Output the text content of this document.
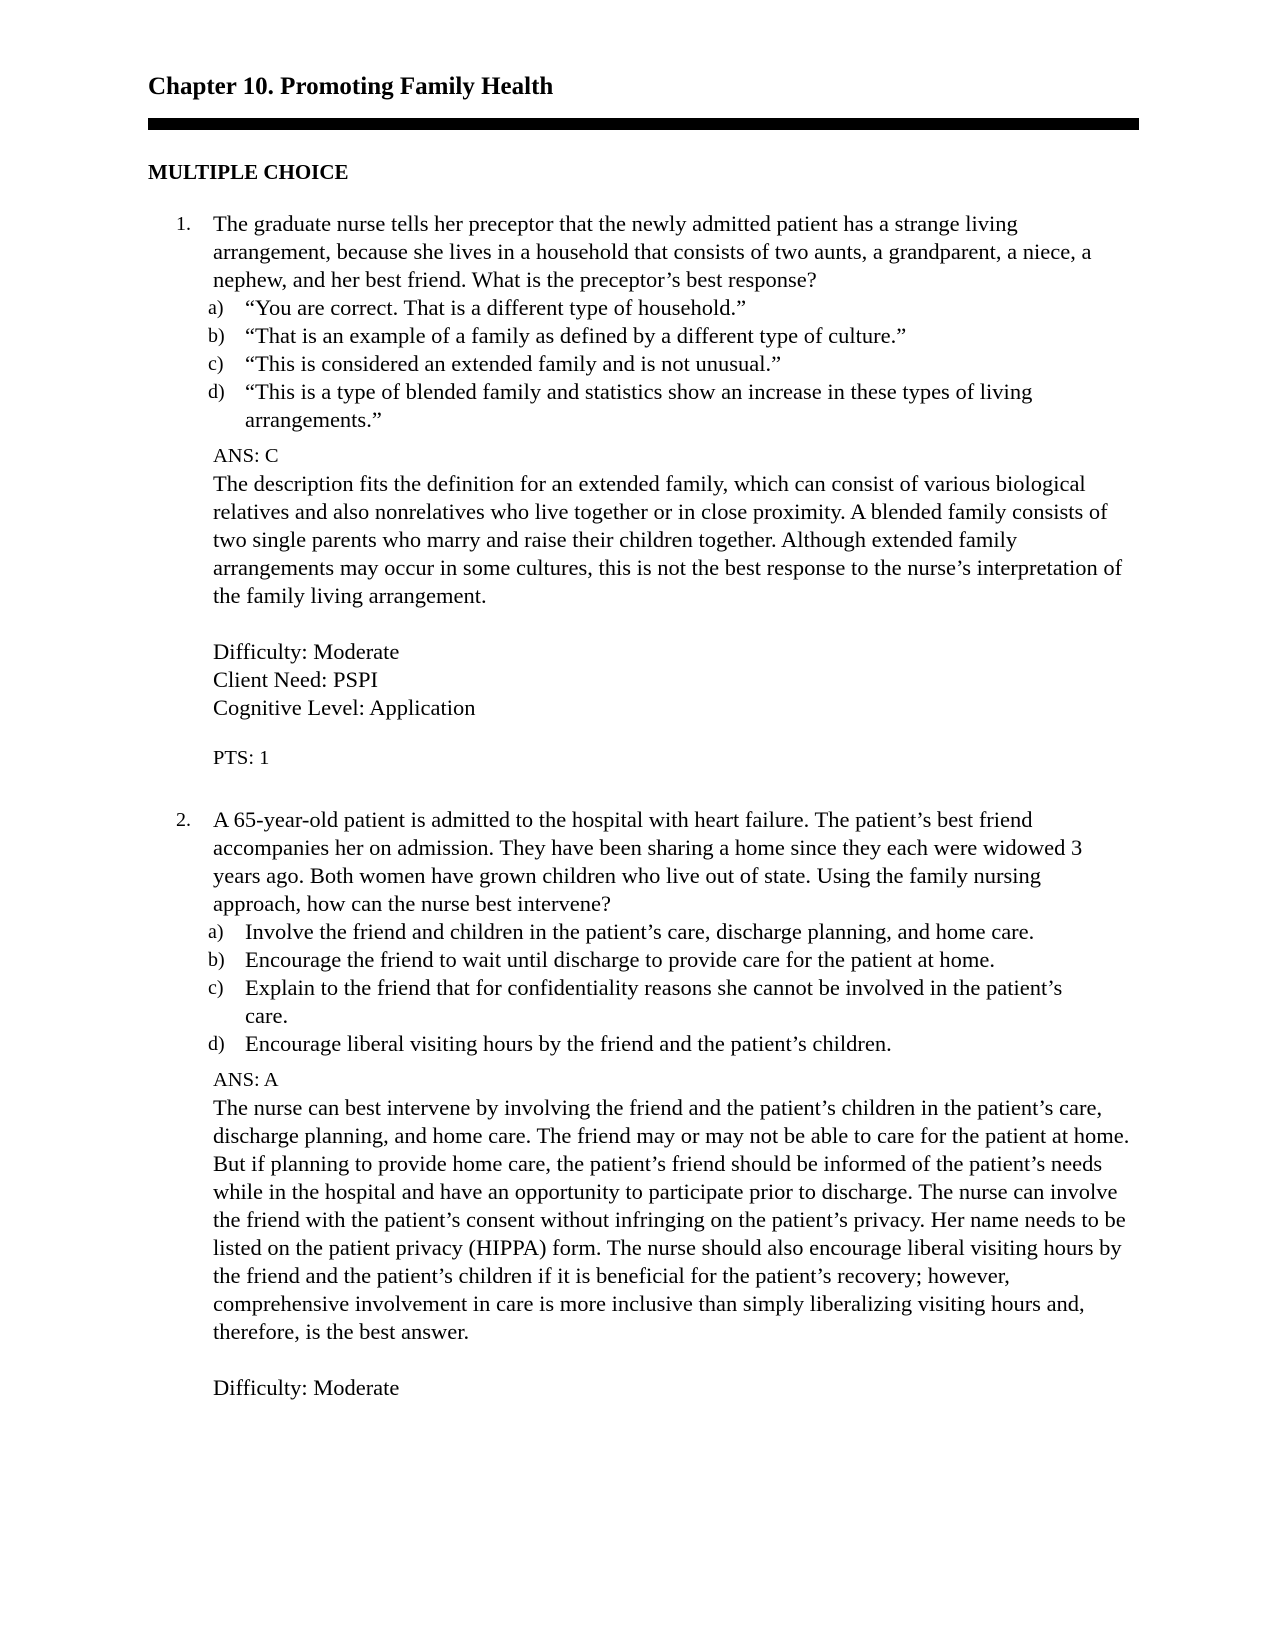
Chapter 10. Promoting Family Health
MULTIPLE CHOICE
1. The graduate nurse tells her preceptor that the newly admitted patient has a strange living arrangement, because she lives in a household that consists of two aunts, a grandparent, a niece, a nephew, and her best friend. What is the preceptor’s best response?
a) “You are correct. That is a different type of household.”
b) “That is an example of a family as defined by a different type of culture.”
c) “This is considered an extended family and is not unusual.”
d) “This is a type of blended family and statistics show an increase in these types of living arrangements.”
ANS: C

The description fits the definition for an extended family, which can consist of various biological relatives and also nonrelatives who live together or in close proximity. A blended family consists of two single parents who marry and raise their children together. Although extended family arrangements may occur in some cultures, this is not the best response to the nurse’s interpretation of the family living arrangement.

Difficulty: Moderate
Client Need: PSPI
Cognitive Level: Application
PTS: 1
2. A 65-year-old patient is admitted to the hospital with heart failure. The patient’s best friend accompanies her on admission. They have been sharing a home since they each were widowed 3 years ago. Both women have grown children who live out of state. Using the family nursing approach, how can the nurse best intervene?
a) Involve the friend and children in the patient’s care, discharge planning, and home care.
b) Encourage the friend to wait until discharge to provide care for the patient at home.
c) Explain to the friend that for confidentiality reasons she cannot be involved in the patient’s care.
d) Encourage liberal visiting hours by the friend and the patient’s children.
ANS: A

The nurse can best intervene by involving the friend and the patient’s children in the patient’s care, discharge planning, and home care. The friend may or may not be able to care for the patient at home. But if planning to provide home care, the patient’s friend should be informed of the patient’s needs while in the hospital and have an opportunity to participate prior to discharge. The nurse can involve the friend with the patient’s consent without infringing on the patient’s privacy. Her name needs to be listed on the patient privacy (HIPPA) form. The nurse should also encourage liberal visiting hours by the friend and the patient’s children if it is beneficial for the patient’s recovery; however, comprehensive involvement in care is more inclusive than simply liberalizing visiting hours and, therefore, is the best answer.

Difficulty: Moderate
